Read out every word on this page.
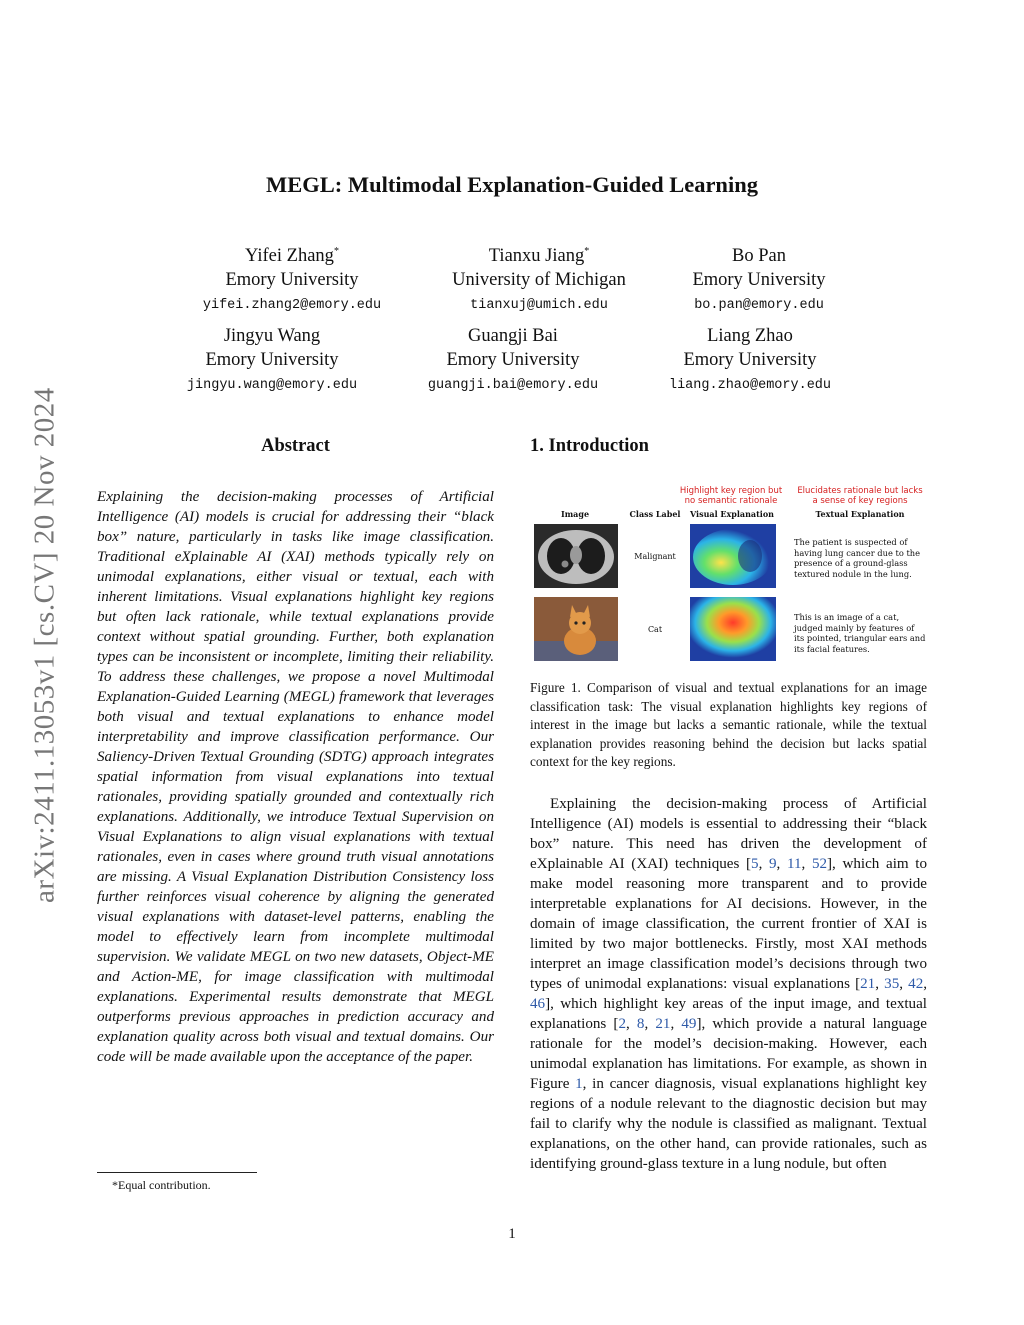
arXiv:2411.13053v1 [cs.CV] 20 Nov 2024
MEGL: Multimodal Explanation-Guided Learning
Yifei Zhang*
Emory University
yifei.zhang2@emory.edu
Tianxu Jiang*
University of Michigan
tianxuj@umich.edu
Bo Pan
Emory University
bo.pan@emory.edu
Jingyu Wang
Emory University
jingyu.wang@emory.edu
Guangji Bai
Emory University
guangji.bai@emory.edu
Liang Zhao
Emory University
liang.zhao@emory.edu
Abstract
Explaining the decision-making processes of Artificial Intelligence (AI) models is crucial for addressing their “black box” nature, particularly in tasks like image classification. Traditional eXplainable AI (XAI) methods typically rely on unimodal explanations, either visual or textual, each with inherent limitations. Visual explanations highlight key regions but often lack rationale, while textual explanations provide context without spatial grounding. Further, both explanation types can be inconsistent or incomplete, limiting their reliability. To address these challenges, we propose a novel Multimodal Explanation-Guided Learning (MEGL) framework that leverages both visual and textual explanations to enhance model interpretability and improve classification performance. Our Saliency-Driven Textual Grounding (SDTG) approach integrates spatial information from visual explanations into textual rationales, providing spatially grounded and contextually rich explanations. Additionally, we introduce Textual Supervision on Visual Explanations to align visual explanations with textual rationales, even in cases where ground truth visual annotations are missing. A Visual Explanation Distribution Consistency loss further reinforces visual coherence by aligning the generated visual explanations with dataset-level patterns, enabling the model to effectively learn from incomplete multimodal supervision. We validate MEGL on two new datasets, Object-ME and Action-ME, for image classification with multimodal explanations. Experimental results demonstrate that MEGL outperforms previous approaches in prediction accuracy and explanation quality across both visual and textual domains. Our code will be made available upon the acceptance of the paper.
1. Introduction
Highlight key region but no semantic rationale
Elucidates rationale but lacks a sense of key regions
Image	Class Label	Visual Explanation	Textual Explanation
Malignant
The patient is suspected of having lung cancer due to the presence of a ground-glass textured nodule in the lung.
Cat
This is an image of a cat, judged mainly by features of its pointed, triangular ears and its facial features.
Figure 1. Comparison of visual and textual explanations for an image classification task: The visual explanation highlights key regions of interest in the image but lacks a semantic rationale, while the textual explanation provides reasoning behind the decision but lacks spatial context for the key regions.

Explaining the decision-making process of Artificial Intelligence (AI) models is essential to addressing their “black box” nature. This need has driven the development of eXplainable AI (XAI) techniques [5, 9, 11, 52], which aim to make model reasoning more transparent and to provide interpretable explanations for AI decisions. However, in the domain of image classification, the current frontier of XAI is limited by two major bottlenecks. Firstly, most XAI methods interpret an image classification model’s decisions through two types of unimodal explanations: visual explanations [21, 35, 42, 46], which highlight key areas of the input image, and textual explanations [2, 8, 21, 49], which provide a natural language rationale for the model’s decision-making. However, each unimodal explanation has limitations. For example, as shown in Figure 1, in cancer diagnosis, visual explanations highlight key regions of a nodule relevant to the diagnostic decision but may fail to clarify why the nodule is classified as malignant. Textual explanations, on the other hand, can provide rationales, such as identifying ground-glass texture in a lung nodule, but often

*Equal contribution.
1
